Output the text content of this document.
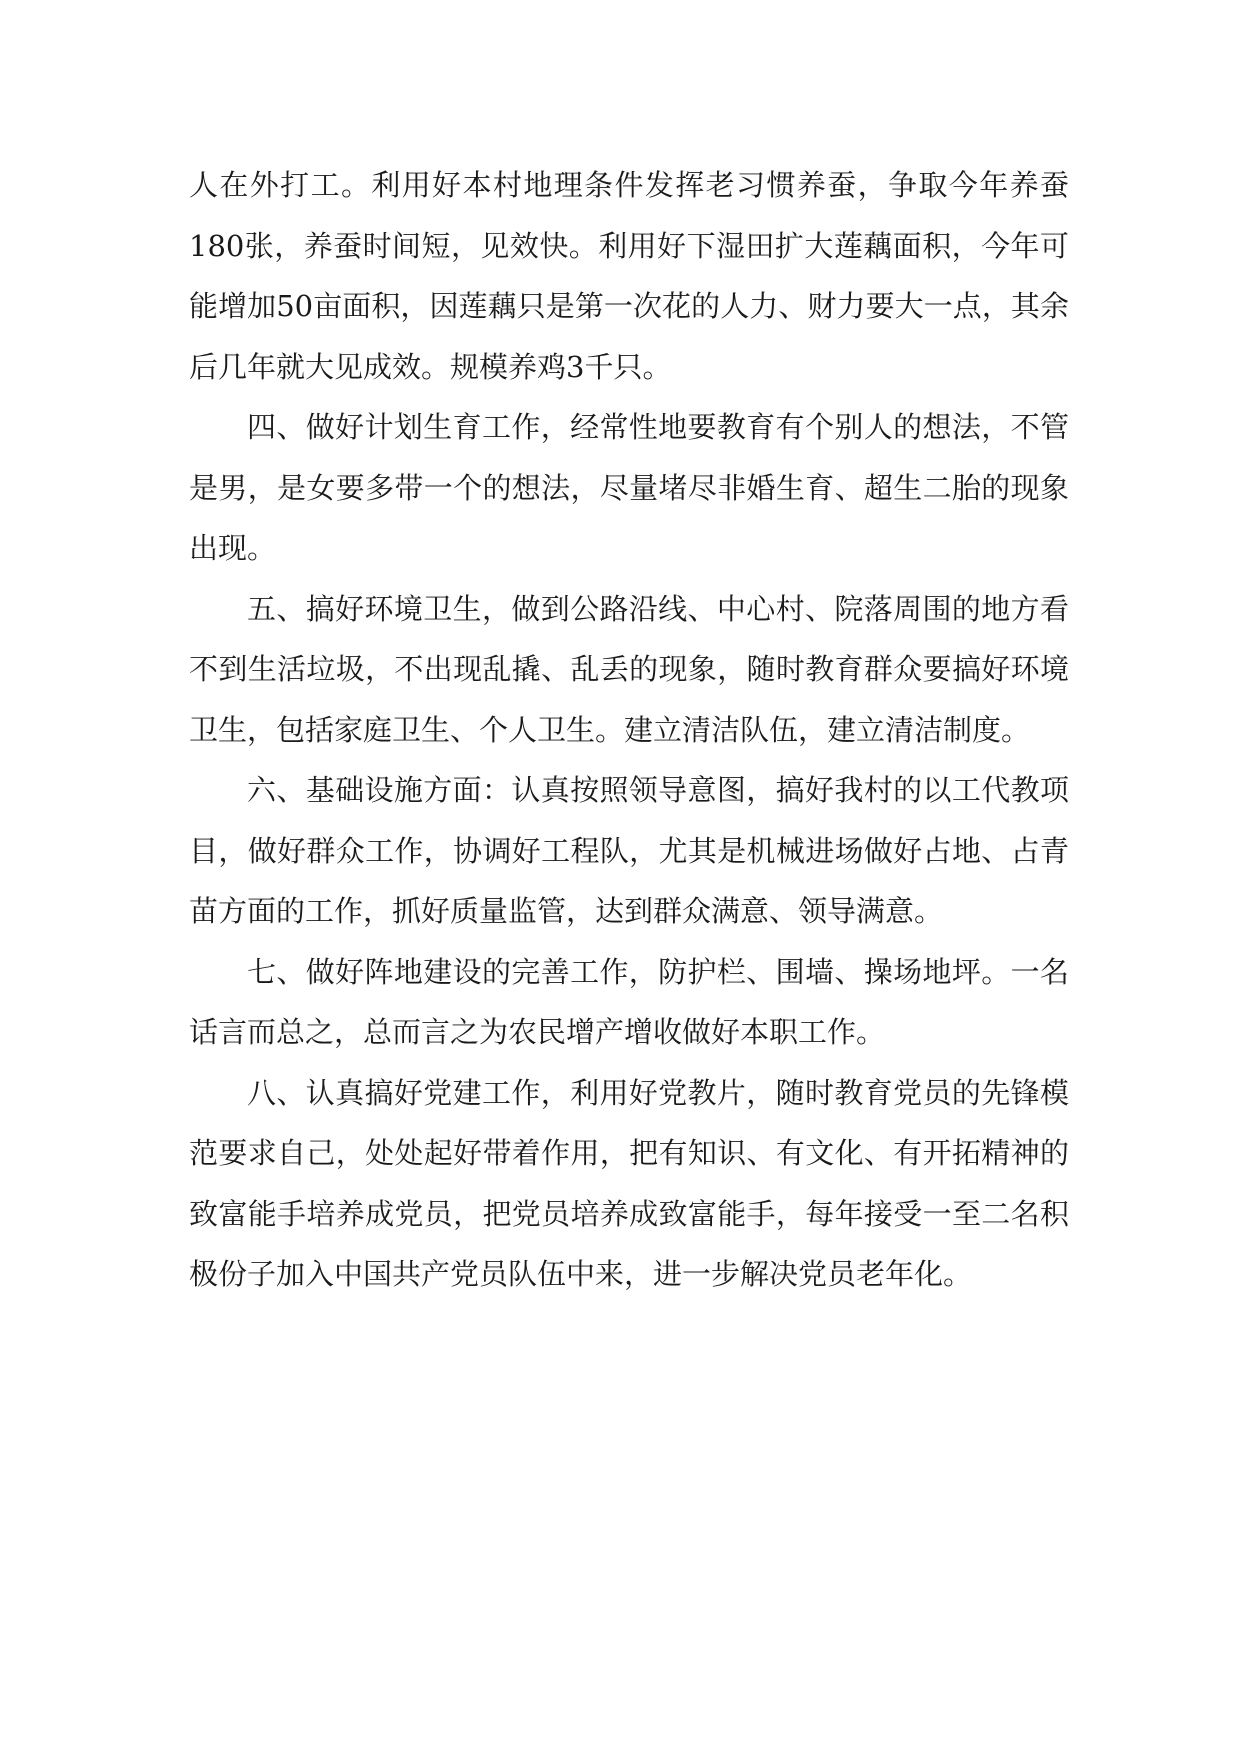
人在外打工。利用好本村地理条件发挥老习惯养蚕，争取今年养蚕180张，养蚕时间短，见效快。利用好下湿田扩大莲藕面积，今年可能增加50亩面积，因莲藕只是第一次花的人力、财力要大一点，其余后几年就大见成效。规模养鸡3千只。

四、做好计划生育工作，经常性地要教育有个别人的想法，不管是男，是女要多带一个的想法，尽量堵尽非婚生育、超生二胎的现象出现。

五、搞好环境卫生，做到公路沿线、中心村、院落周围的地方看不到生活垃圾，不出现乱撬、乱丢的现象，随时教育群众要搞好环境卫生，包括家庭卫生、个人卫生。建立清洁队伍，建立清洁制度。

六、基础设施方面：认真按照领导意图，搞好我村的以工代教项目，做好群众工作，协调好工程队，尤其是机械进场做好占地、占青苗方面的工作，抓好质量监管，达到群众满意、领导满意。

七、做好阵地建设的完善工作，防护栏、围墙、操场地坪。一名话言而总之，总而言之为农民增产增收做好本职工作。

八、认真搞好党建工作，利用好党教片，随时教育党员的先锋模范要求自己，处处起好带着作用，把有知识、有文化、有开拓精神的致富能手培养成党员，把党员培养成致富能手，每年接受一至二名积极份子加入中国共产党员队伍中来，进一步解决党员老年化。
